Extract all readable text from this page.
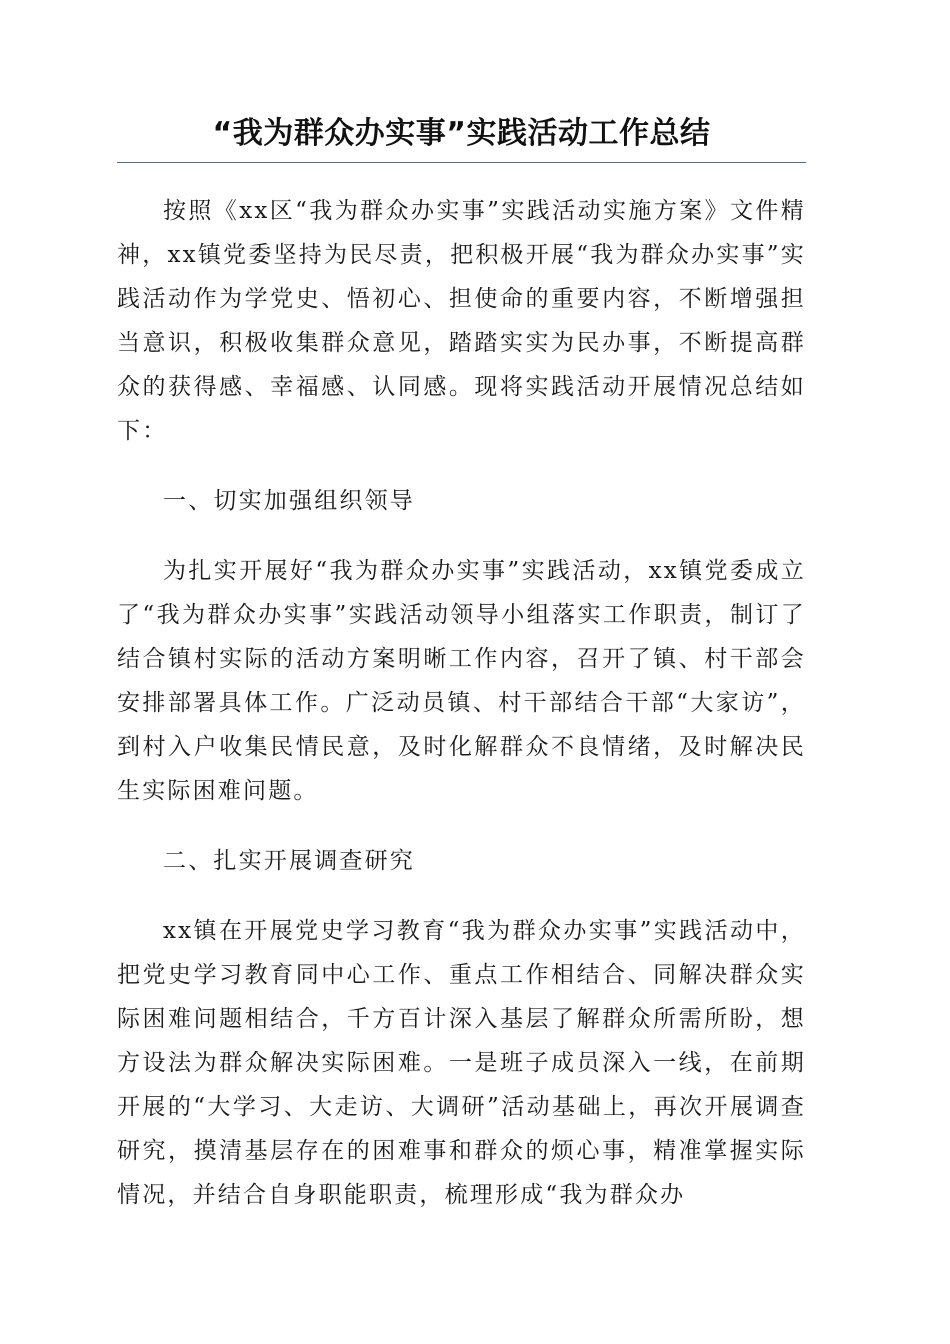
“我为群众办实事”实践活动工作总结

按照《xx区“我为群众办实事”实践活动实施方案》文件精神，xx镇党委坚持为民尽责，把积极开展“我为群众办实事”实践活动作为学党史、悟初心、担使命的重要内容，不断增强担当意识，积极收集群众意见，踏踏实实为民办事，不断提高群众的获得感、幸福感、认同感。现将实践活动开展情况总结如下：

一、切实加强组织领导

为扎实开展好“我为群众办实事”实践活动，xx镇党委成立了“我为群众办实事”实践活动领导小组落实工作职责，制订了结合镇村实际的活动方案明晰工作内容，召开了镇、村干部会安排部署具体工作。广泛动员镇、村干部结合干部“大家访”，到村入户收集民情民意，及时化解群众不良情绪，及时解决民生实际困难问题。

二、扎实开展调查研究

xx镇在开展党史学习教育“我为群众办实事”实践活动中，把党史学习教育同中心工作、重点工作相结合、同解决群众实际困难问题相结合，千方百计深入基层了解群众所需所盼，想方设法为群众解决实际困难。一是班子成员深入一线，在前期开展的“大学习、大走访、大调研”活动基础上，再次开展调查研究，摸清基层存在的困难事和群众的烦心事，精准掌握实际情况，并结合自身职能职责，梳理形成“我为群众办
